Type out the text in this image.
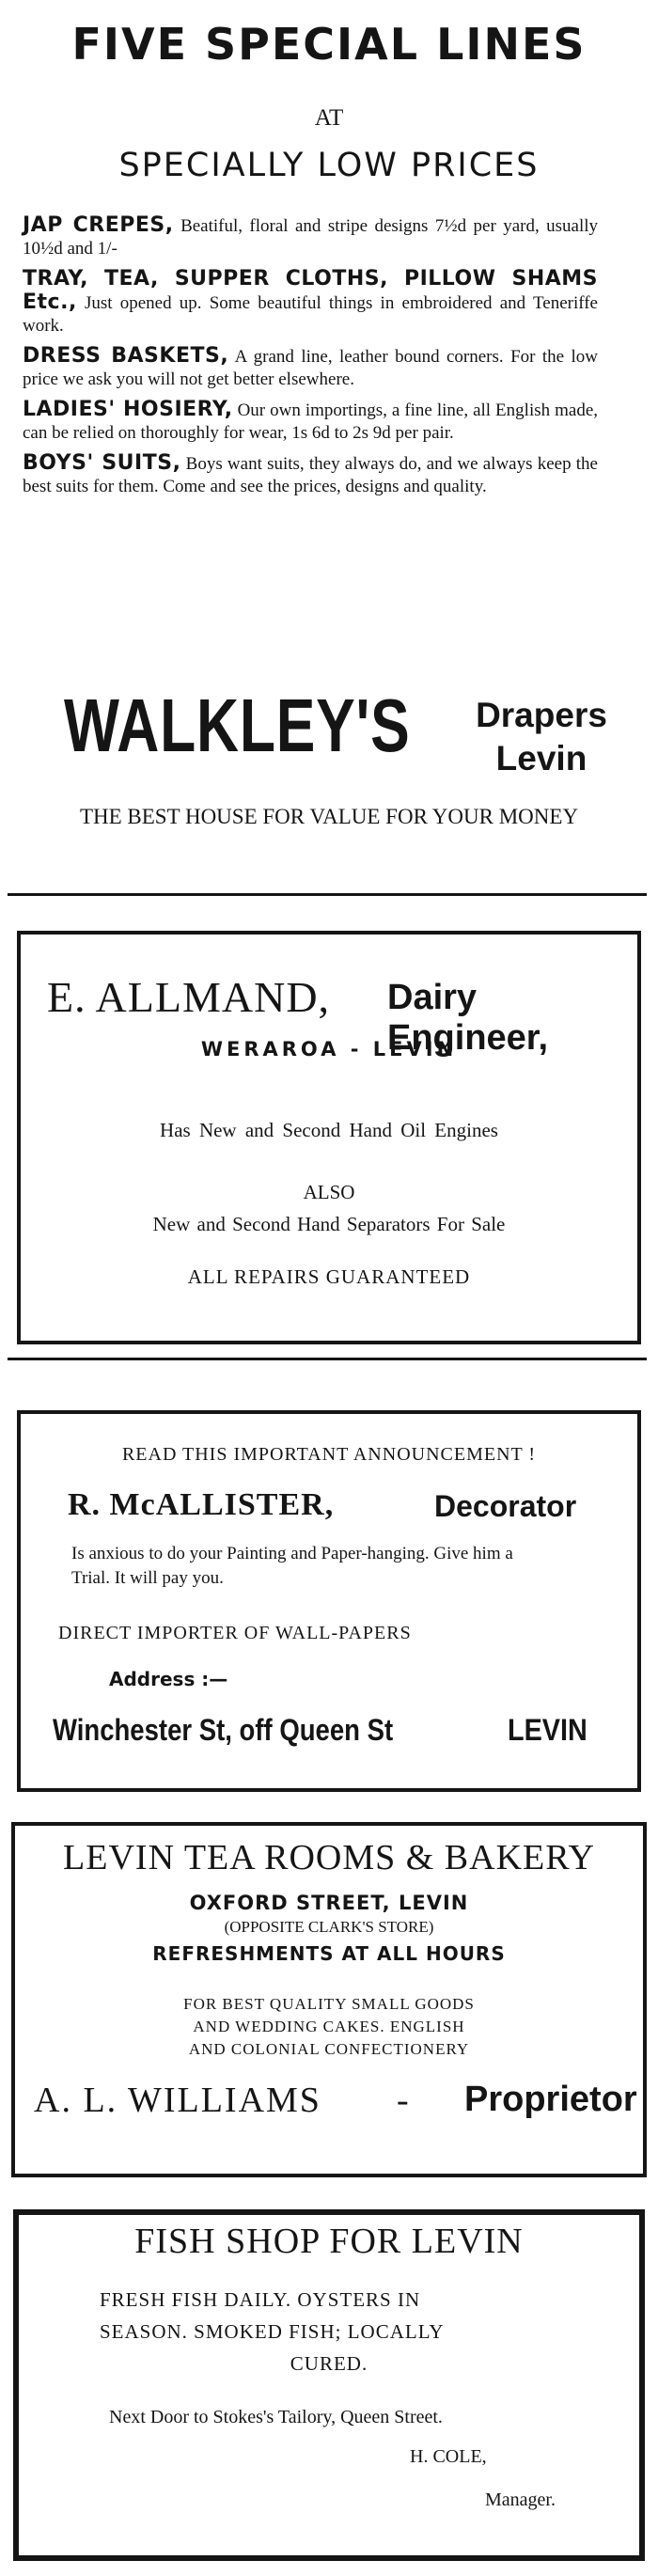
FIVE SPECIAL LINES
AT
SPECIALLY LOW PRICES
JAP CREPES, Beatiful, floral and stripe designs 7½d per yard, usually 10½d and 1/-
TRAY, TEA, SUPPER CLOTHS, PILLOW SHAMS Etc., Just opened up. Some beautiful things in embroidered and Teneriffe work.
DRESS BASKETS, A grand line, leather bound corners. For the low price we ask you will not get better elsewhere.
LADIES' HOSIERY, Our own importings, a fine line, all English made, can be relied on thoroughly for wear, 1s 6d to 2s 9d per pair.
BOYS' SUITS, Boys want suits, they always do, and we always keep the best suits for them. Come and see the prices, designs and quality.
WALKLEY'S	Drapers
Levin
THE BEST HOUSE FOR VALUE FOR YOUR MONEY
E. ALLMAND, Dairy Engineer,
WERAROA - LEVIN
Has New and Second Hand Oil Engines
ALSO
New and Second Hand Separators For Sale
ALL REPAIRS GUARANTEED
READ THIS IMPORTANT ANNOUNCEMENT !
R. McALLISTER,	Decorator
Is anxious to do your Painting and Paper-hanging. Give him a Trial. It will pay you.
DIRECT IMPORTER OF WALL-PAPERS
Address :—
Winchester St, off Queen St	LEVIN
LEVIN TEA ROOMS & BAKERY
OXFORD STREET, LEVIN
(OPPOSITE CLARK'S STORE)
REFRESHMENTS AT ALL HOURS
FOR BEST QUALITY SMALL GOODS
AND WEDDING CAKES. ENGLISH
AND COLONIAL CONFECTIONERY
A. L. WILLIAMS - Proprietor
FISH SHOP FOR LEVIN
FRESH FISH DAILY. OYSTERS IN
SEASON. SMOKED FISH; LOCALLY
CURED.
Next Door to Stokes's Tailory, Queen Street.
H. COLE,
Manager.
